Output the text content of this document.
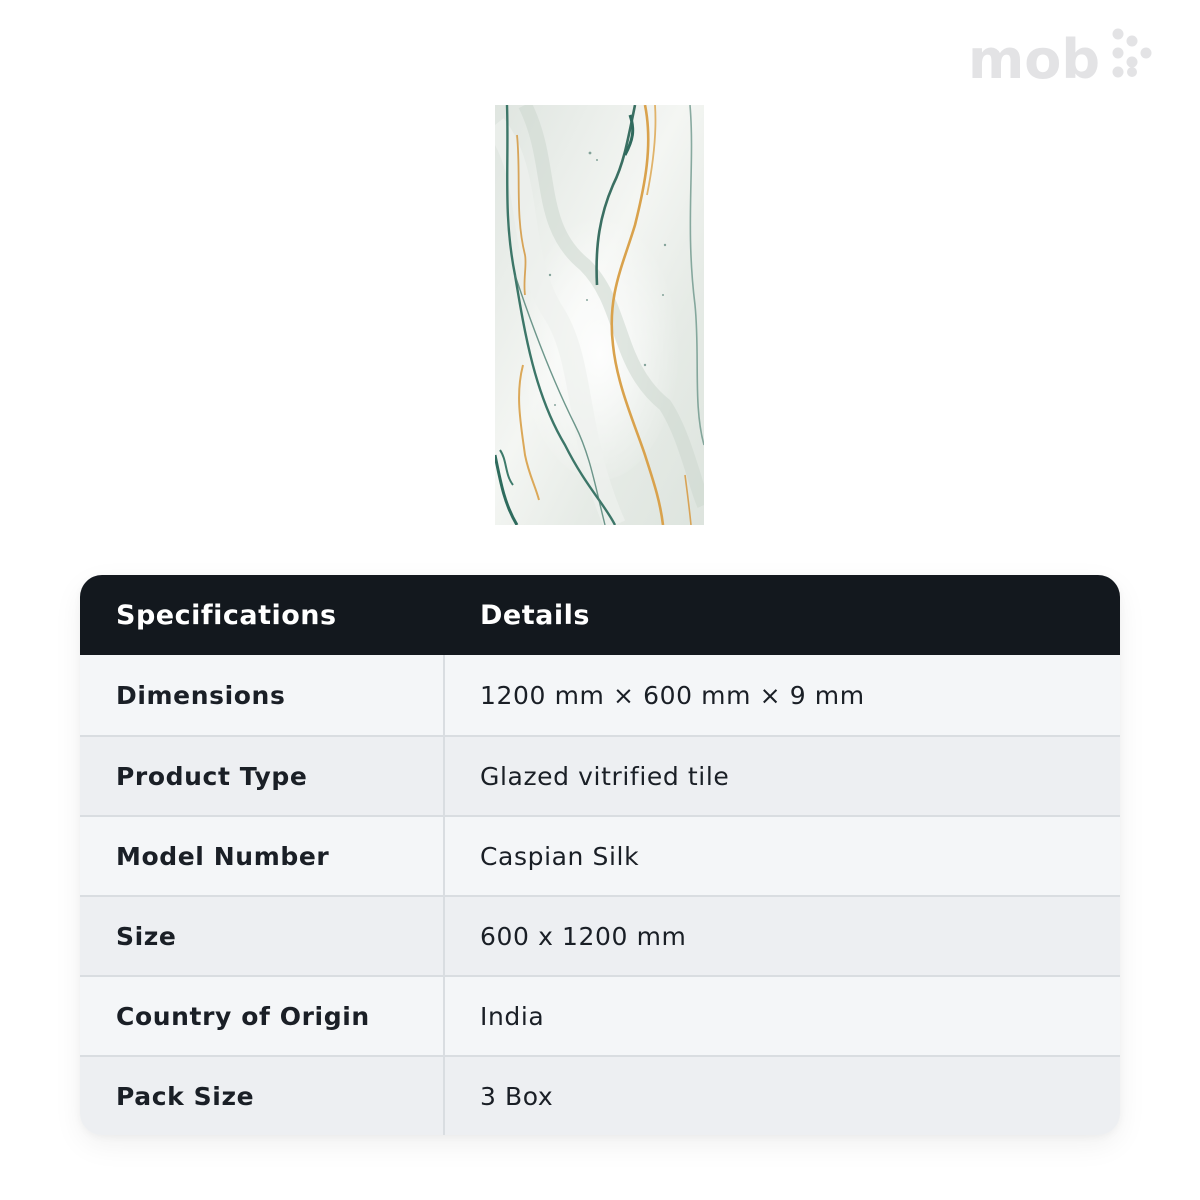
mob
Specifications	Details
Dimensions	1200 mm × 600 mm × 9 mm
Product Type	Glazed vitrified tile
Model Number	Caspian Silk
Size	600 x 1200 mm
Country of Origin	India
Pack Size	3 Box
